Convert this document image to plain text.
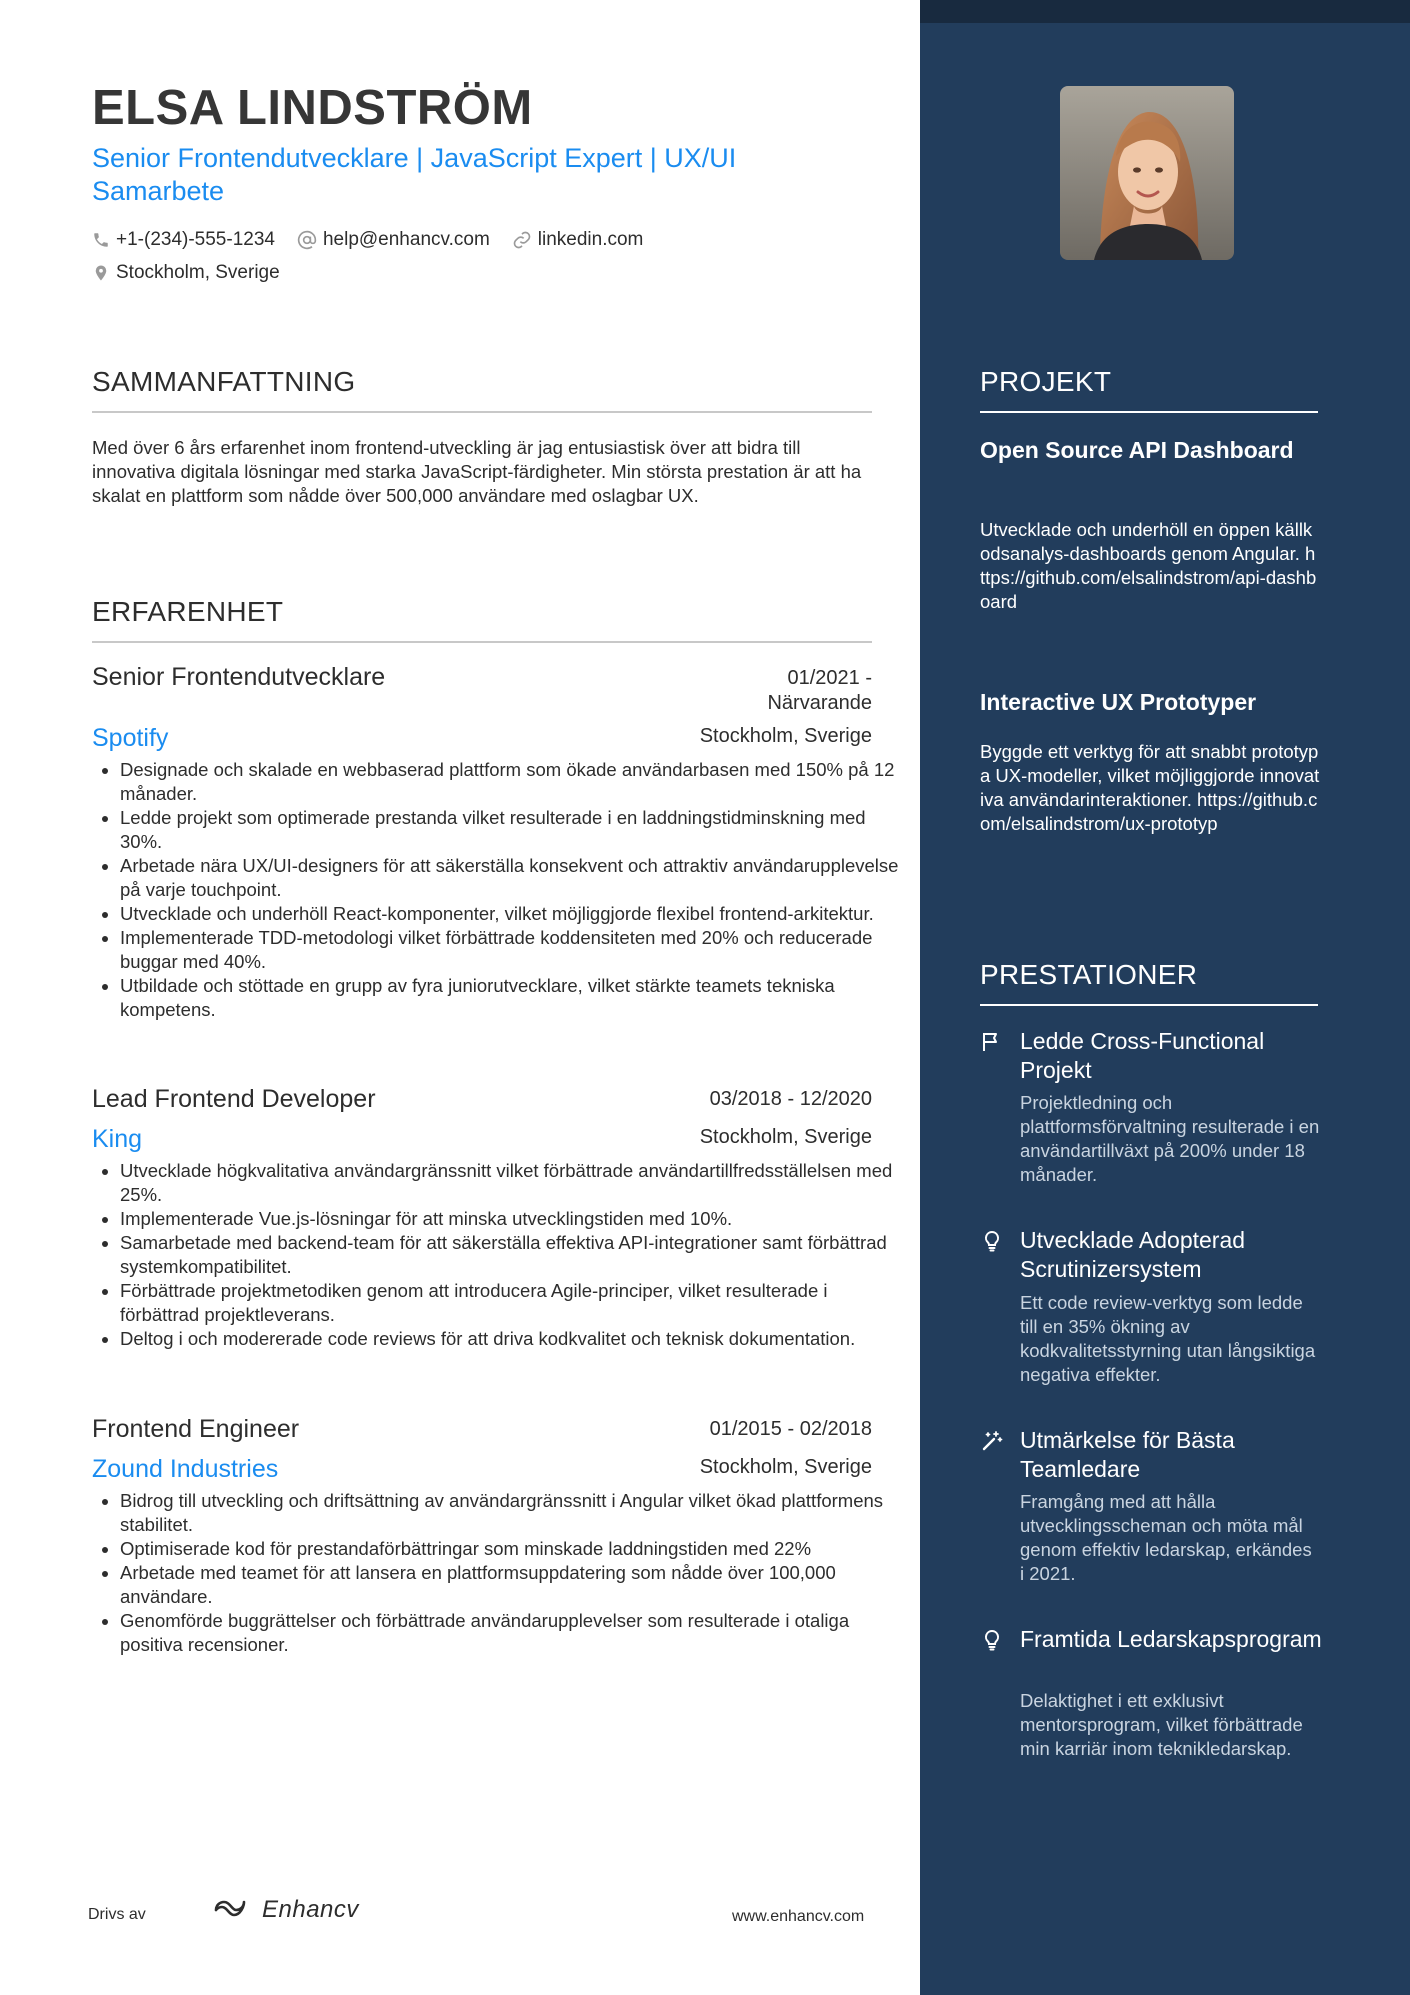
ELSA LINDSTRÖM
Senior Frontendutvecklare | JavaScript Expert | UX/UI Samarbete
+1-(234)-555-1234	help@enhancv.com	linkedin.com
Stockholm, Sverige
SAMMANFATTNING
Med över 6 års erfarenhet inom frontend-utveckling är jag entusiastisk över att bidra till innovativa digitala lösningar med starka JavaScript-färdigheter. Min största prestation är att ha skalat en plattform som nådde över 500,000 användare med oslagbar UX.
ERFARENHET
Senior Frontendutvecklare	01/2021 -
Närvarande
Spotify	Stockholm, Sverige
• Designade och skalade en webbaserad plattform som ökade användarbasen med 150% på 12 månader.
• Ledde projekt som optimerade prestanda vilket resulterade i en laddningstidminskning med 30%.
• Arbetade nära UX/UI-designers för att säkerställa konsekvent och attraktiv användarupplevelse på varje touchpoint.
• Utvecklade och underhöll React-komponenter, vilket möjliggjorde flexibel frontend-arkitektur.
• Implementerade TDD-metodologi vilket förbättrade koddensiteten med 20% och reducerade buggar med 40%.
• Utbildade och stöttade en grupp av fyra juniorutvecklare, vilket stärkte teamets tekniska kompetens.
Lead Frontend Developer	03/2018 - 12/2020
King	Stockholm, Sverige
• Utvecklade högkvalitativa användargränssnitt vilket förbättrade användartillfredsställelsen med 25%.
• Implementerade Vue.js-lösningar för att minska utvecklingstiden med 10%.
• Samarbetade med backend-team för att säkerställa effektiva API-integrationer samt förbättrad systemkompatibilitet.
• Förbättrade projektmetodiken genom att introducera Agile-principer, vilket resulterade i förbättrad projektleverans.
• Deltog i och modererade code reviews för att driva kodkvalitet och teknisk dokumentation.
Frontend Engineer	01/2015 - 02/2018
Zound Industries	Stockholm, Sverige
• Bidrog till utveckling och driftsättning av användargränssnitt i Angular vilket ökad plattformens stabilitet.
• Optimiserade kod för prestandaförbättringar som minskade laddningstiden med 22%
• Arbetade med teamet för att lansera en plattformsuppdatering som nådde över 100,000 användare.
• Genomförde buggrättelser och förbättrade användarupplevelser som resulterade i otaliga positiva recensioner.
Drivs av	Enhancv	www.enhancv.com
PROJEKT
Open Source API Dashboard
Utvecklade och underhöll en öppen källkodsanalys-dashboards genom Angular. https://github.com/elsalindstrom/api-dashboard
Interactive UX Prototyper
Byggde ett verktyg för att snabbt prototypa UX-modeller, vilket möjliggjorde innovativa användarinteraktioner. https://github.com/elsalindstrom/ux-prototyp
PRESTATIONER
Ledde Cross-Functional Projekt
Projektledning och plattformsförvaltning resulterade i en användartillväxt på 200% under 18 månader.
Utvecklade Adopterad Scrutinizersystem
Ett code review-verktyg som ledde till en 35% ökning av kodkvalitetsstyrning utan långsiktiga negativa effekter.
Utmärkelse för Bästa Teamledare
Framgång med att hålla utvecklingsscheman och möta mål genom effektiv ledarskap, erkändes i 2021.
Framtida Ledarskapsprogram
Delaktighet i ett exklusivt mentorsprogram, vilket förbättrade min karriär inom teknikledarskap.
